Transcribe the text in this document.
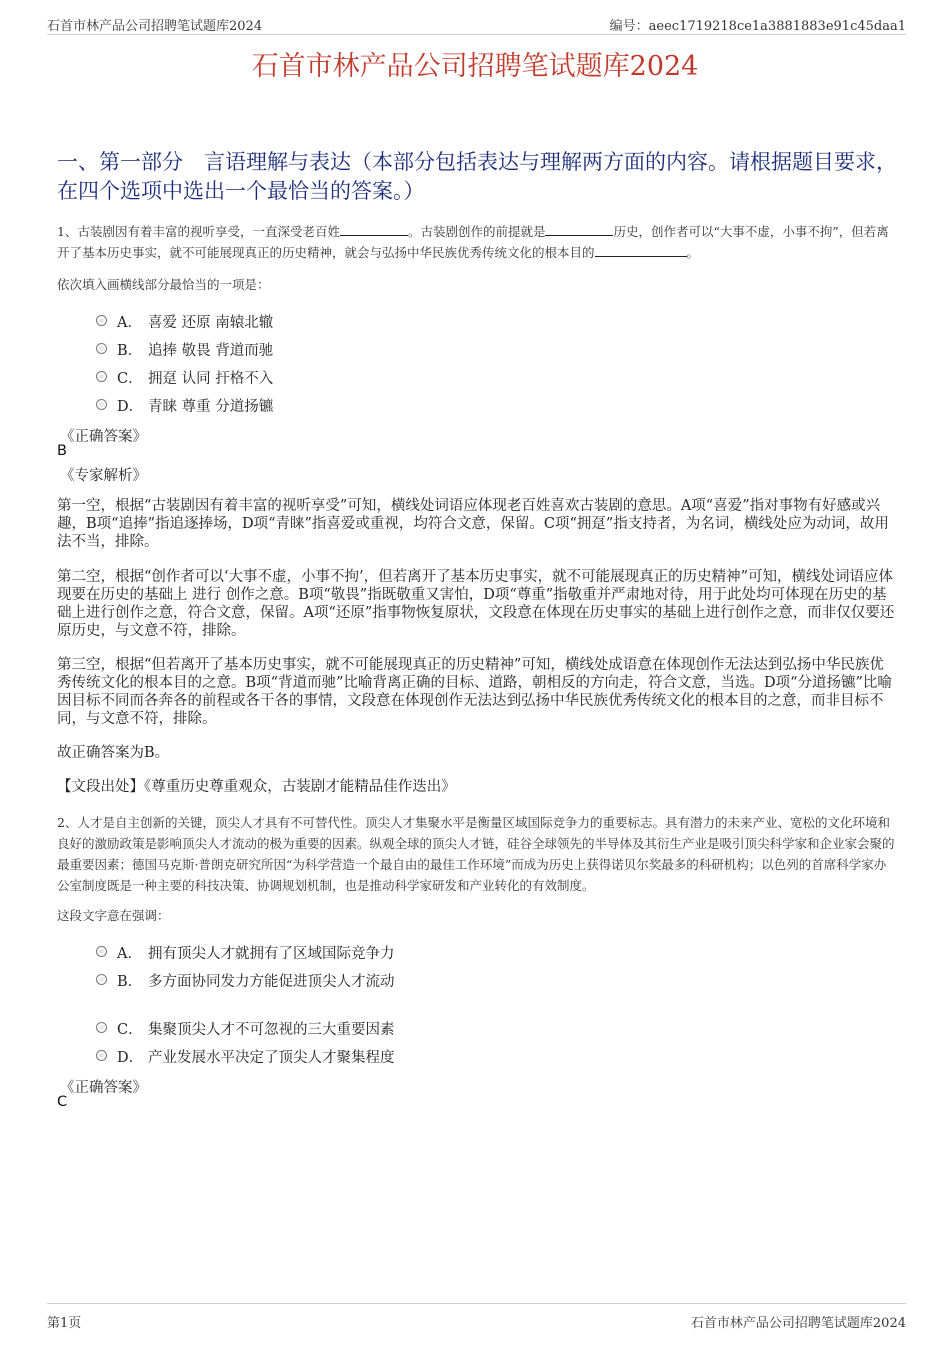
石首市林产品公司招聘笔试题库2024	编号：aeec1719218ce1a3881883e91c45daa1
石首市林产品公司招聘笔试题库2024
一、第一部分　言语理解与表达（本部分包括表达与理解两方面的内容。请根据题目要求，在四个选项中选出一个最恰当的答案。）

1、古装剧因有着丰富的视听享受，一直深受老百姓	。古装剧创作的前提就是	历史，创作者可以“大事不虚，小事不拘”，但若离开了基本历史事实，就不可能展现真正的历史精神，就会与弘扬中华民族优秀传统文化的根本目的	。

依次填入画横线部分最恰当的一项是：

A． 喜爱 还原 南辕北辙
B． 追捧 敬畏 背道而驰
C． 拥趸 认同 扞格不入
D． 青睐 尊重 分道扬镳
《正确答案》
B
《专家解析》

第一空，根据“古装剧因有着丰富的视听享受”可知，横线处词语应体现老百姓喜欢古装剧的意思。A项“喜爱”指对事物有好感或兴趣，B项“追捧”指追逐捧场，D项“青睐”指喜爱或重视，均符合文意，保留。C项“拥趸”指支持者，为名词，横线处应为动词，故用法不当，排除。

第二空，根据“创作者可以‘大事不虚，小事不拘’，但若离开了基本历史事实，就不可能展现真正的历史精神”可知，横线处词语应体现要在历史的基础上 进行 创作之意。B项“敬畏”指既敬重又害怕，D项“尊重”指敬重并严肃地对待，用于此处均可体现在历史的基础上进行创作之意，符合文意，保留。A项“还原”指事物恢复原状，文段意在体现在历史事实的基础上进行创作之意，而非仅仅要还原历史，与文意不符，排除。

第三空，根据“但若离开了基本历史事实，就不可能展现真正的历史精神”可知，横线处成语意在体现创作无法达到弘扬中华民族优秀传统文化的根本目的之意。B项“背道而驰”比喻背离正确的目标、道路，朝相反的方向走，符合文意，当选。D项“分道扬镳”比喻因目标不同而各奔各的前程或各干各的事情，文段意在体现创作无法达到弘扬中华民族优秀传统文化的根本目的之意，而非目标不同，与文意不符，排除。

故正确答案为B。

【文段出处】《尊重历史尊重观众，古装剧才能精品佳作迭出》

2、人才是自主创新的关键，顶尖人才具有不可替代性。顶尖人才集聚水平是衡量区域国际竞争力的重要标志。具有潜力的未来产业、宽松的文化环境和良好的激励政策是影响顶尖人才流动的极为重要的因素。纵观全球的顶尖人才链，硅谷全球领先的半导体及其衍生产业是吸引顶尖科学家和企业家会聚的最重要因素；德国马克斯·普朗克研究所因“为科学营造一个最自由的最佳工作环境”而成为历史上获得诺贝尔奖最多的科研机构；以色列的首席科学家办公室制度既是一种主要的科技决策、协调规划机制，也是推动科学家研发和产业转化的有效制度。

这段文字意在强调：

A． 拥有顶尖人才就拥有了区域国际竞争力
B． 多方面协同发力方能促进顶尖人才流动
C． 集聚顶尖人才不可忽视的三大重要因素
D． 产业发展水平决定了顶尖人才聚集程度
《正确答案》
C
第1页	石首市林产品公司招聘笔试题库2024
